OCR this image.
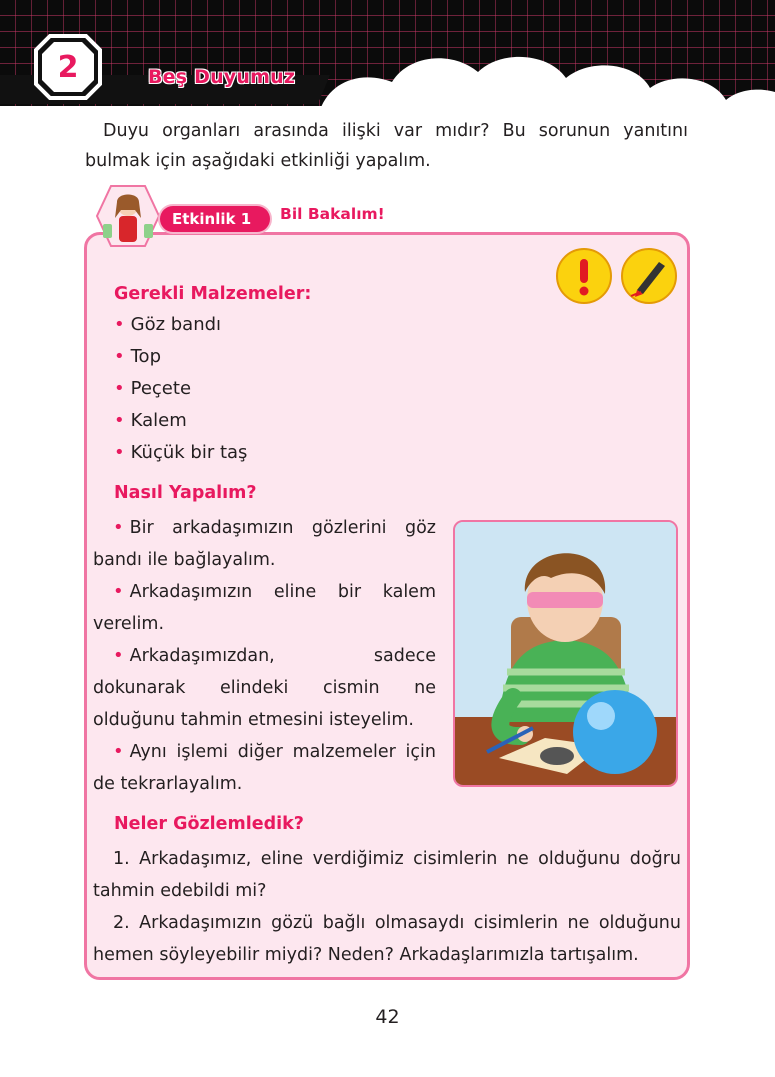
2	Beş Duyumuz

Duyu organları arasında ilişki var mıdır? Bu sorunun yanıtını bulmak için aşağıdaki etkinliği yapalım.

Etkinlik 1	Bil Bakalım!
Gerekli Malzemeler:
• Göz bandı
• Top
• Peçete
• Kalem
• Küçük bir taş
Nasıl Yapalım?

• Bir arkadaşımızın gözlerini göz bandı ile bağlayalım.

• Arkadaşımızın eline bir kalem verelim.

• Arkadaşımızdan, sadece dokunarak elindeki cismin ne olduğunu tahmin etmesini isteyelim.

• Aynı işlemi diğer malzemeler için de tekrarlayalım.

Neler Gözlemledik?

1. Arkadaşımız, eline verdiğimiz cisimlerin ne olduğunu doğru tahmin edebildi mi?

2. Arkadaşımızın gözü bağlı olmasaydı cisimlerin ne olduğunu hemen söyleyebilir miydi? Neden? Arkadaşlarımızla tartışalım.

42
